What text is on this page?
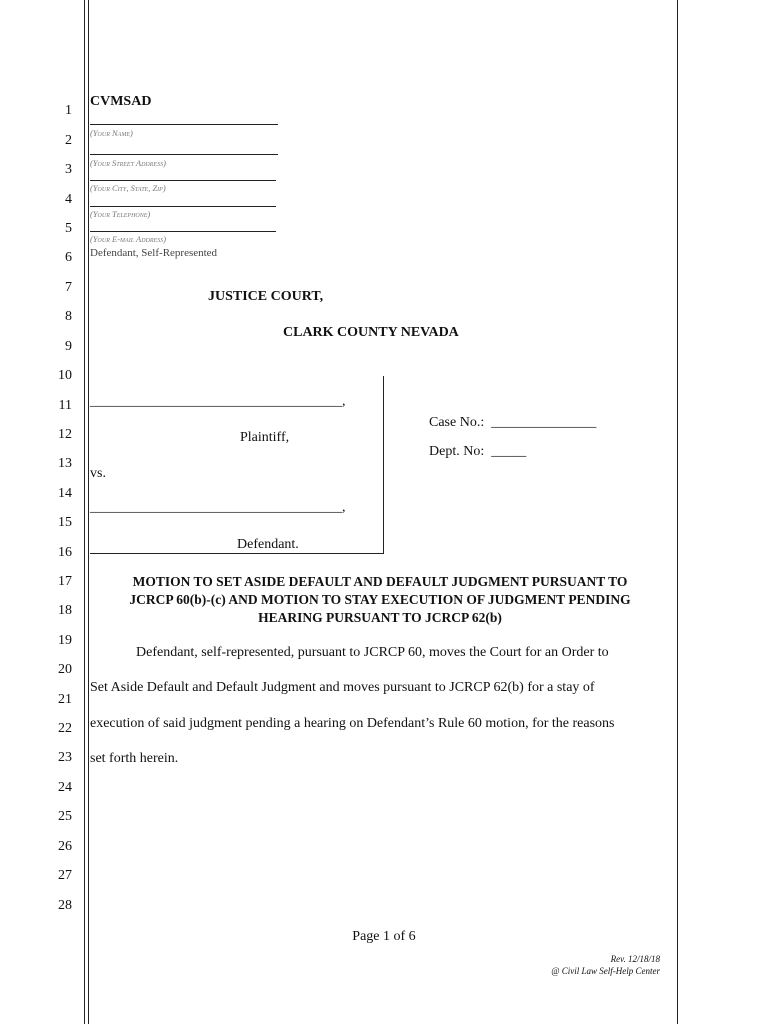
1
2
3
4
5
6
7
8
9
10
11
12
13
14
15
16
17
18
19
20
21
22
23
24
25
26
27
28
CVMSAD
(Your Name)
(Your Street Address)
(Your City, State, Zip)
(Your Telephone)
(Your E-mail Address)
Defendant, Self-Represented
JUSTICE COURT,
CLARK COUNTY NEVADA
____________________________________,
Plaintiff,
vs.
____________________________________,
Defendant.
Case No.:  _______________
Dept. No:  _____
MOTION TO SET ASIDE DEFAULT AND DEFAULT JUDGMENT PURSUANT TO
JCRCP 60(b)-(c) AND MOTION TO STAY EXECUTION OF JUDGMENT PENDING
HEARING PURSUANT TO JCRCP 62(b)
Defendant, self-represented, pursuant to JCRCP 60, moves the Court for an Order to
Set Aside Default and Default Judgment and moves pursuant to JCRCP 62(b) for a stay of
execution of said judgment pending a hearing on Defendant’s Rule 60 motion, for the reasons
set forth herein.
Page 1 of 6
Rev. 12/18/18
@ Civil Law Self-Help Center
